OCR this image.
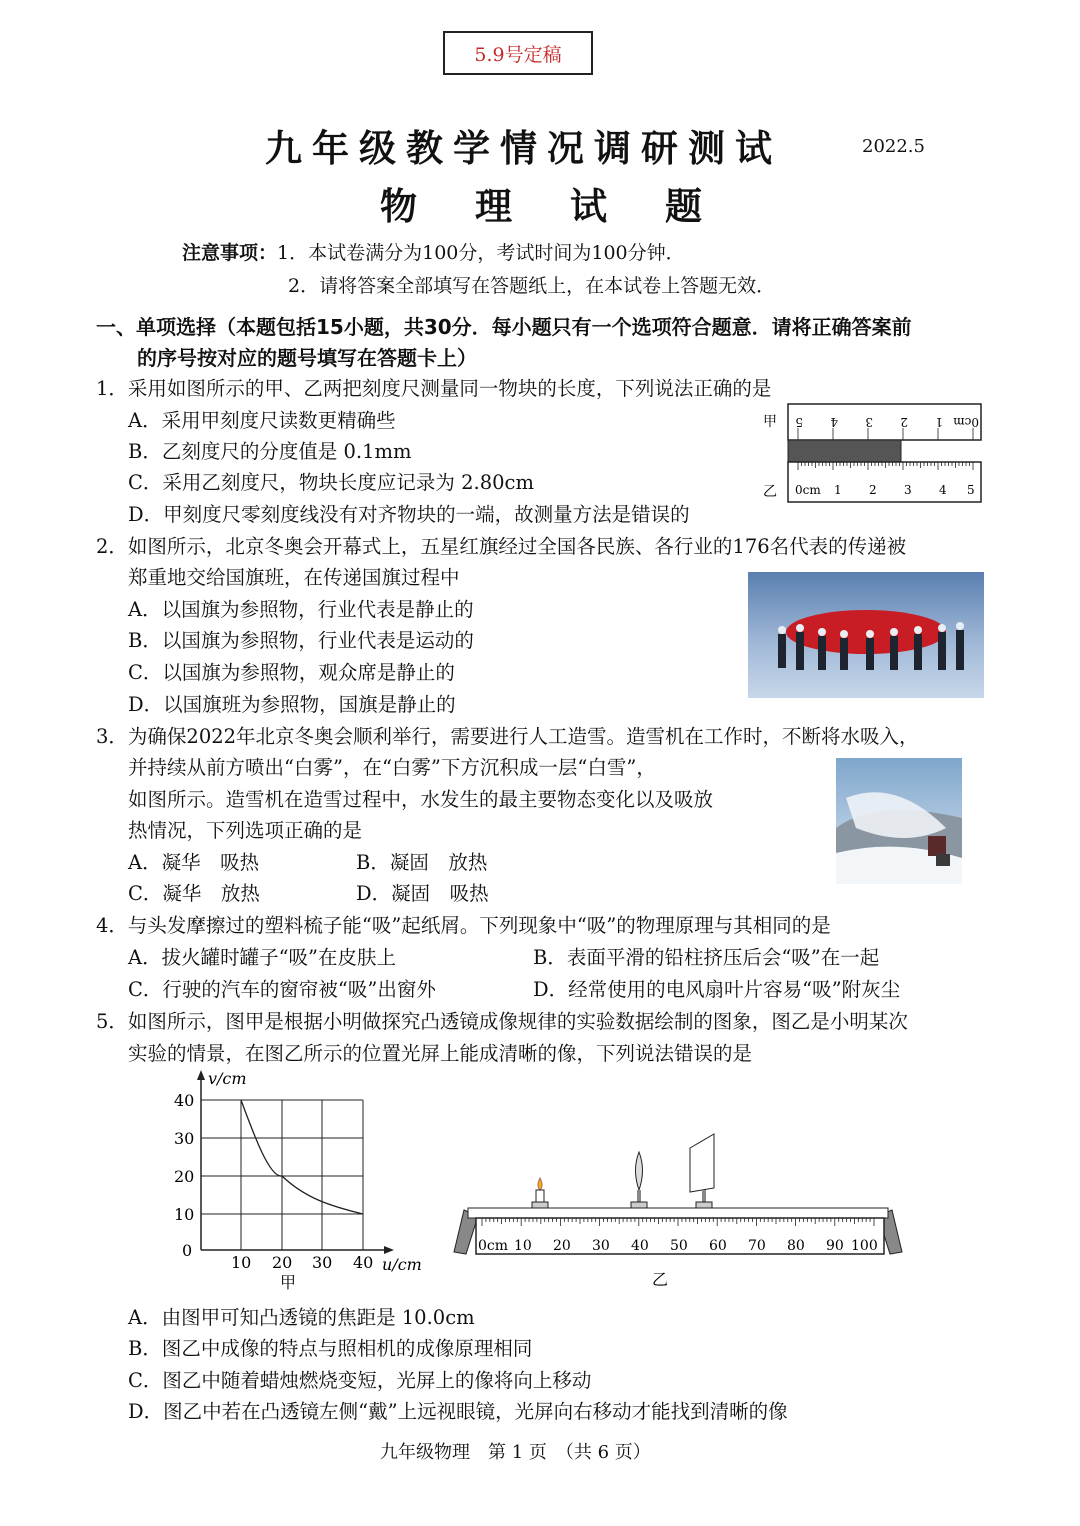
5.9号定稿
九年级教学情况调研测试	2022.5
物 理 试 题
注意事项：1．本试卷满分为100分，考试时间为100分钟．
2．请将答案全部填写在答题纸上，在本试卷上答题无效．
一、单项选择（本题包括15小题，共30分．每小题只有一个选项符合题意．请将正确答案前
的序号按对应的题号填写在答题卡上）
1．采用如图所示的甲、乙两把刻度尺测量同一物块的长度，下列说法正确的是
A．采用甲刻度尺读数更精确些
B．乙刻度尺的分度值是 0.1mm
C．采用乙刻度尺，物块长度应记录为 2.80cm
D．甲刻度尺零刻度线没有对齐物块的一端，故测量方法是错误的
甲 5 4 3 2 1 0cm
乙 0cm 1 2 3 4 5
2．如图所示，北京冬奥会开幕式上，五星红旗经过全国各民族、各行业的176名代表的传递被
郑重地交给国旗班，在传递国旗过程中
A．以国旗为参照物，行业代表是静止的
B．以国旗为参照物，行业代表是运动的
C．以国旗为参照物，观众席是静止的
D．以国旗班为参照物，国旗是静止的
3．为确保2022年北京冬奥会顺利举行，需要进行人工造雪。造雪机在工作时，不断将水吸入，
并持续从前方喷出“白雾”，在“白雾”下方沉积成一层“白雪”，
如图所示。造雪机在造雪过程中，水发生的最主要物态变化以及吸放
热情况，下列选项正确的是
A．凝华　吸热	B．凝固　放热
C．凝华　放热	D．凝固　吸热
4．与头发摩擦过的塑料梳子能“吸”起纸屑。下列现象中“吸”的物理原理与其相同的是
A．拔火罐时罐子“吸”在皮肤上	B．表面平滑的铅柱挤压后会“吸”在一起
C．行驶的汽车的窗帘被“吸”出窗外	D．经常使用的电风扇叶片容易“吸”附灰尘
5．如图所示，图甲是根据小明做探究凸透镜成像规律的实验数据绘制的图象，图乙是小明某次
实验的情景，在图乙所示的位置光屏上能成清晰的像，下列说法错误的是
v/cm
40
30
20
10
0
10 20 30 40 u/cm
甲
0cm 10 20 30 40 50 60 70 80 90 100
乙
A．由图甲可知凸透镜的焦距是 10.0cm
B．图乙中成像的特点与照相机的成像原理相同
C．图乙中随着蜡烛燃烧变短，光屏上的像将向上移动
D．图乙中若在凸透镜左侧“戴”上远视眼镜，光屏向右移动才能找到清晰的像
九年级物理　第 1 页　（共 6 页）
